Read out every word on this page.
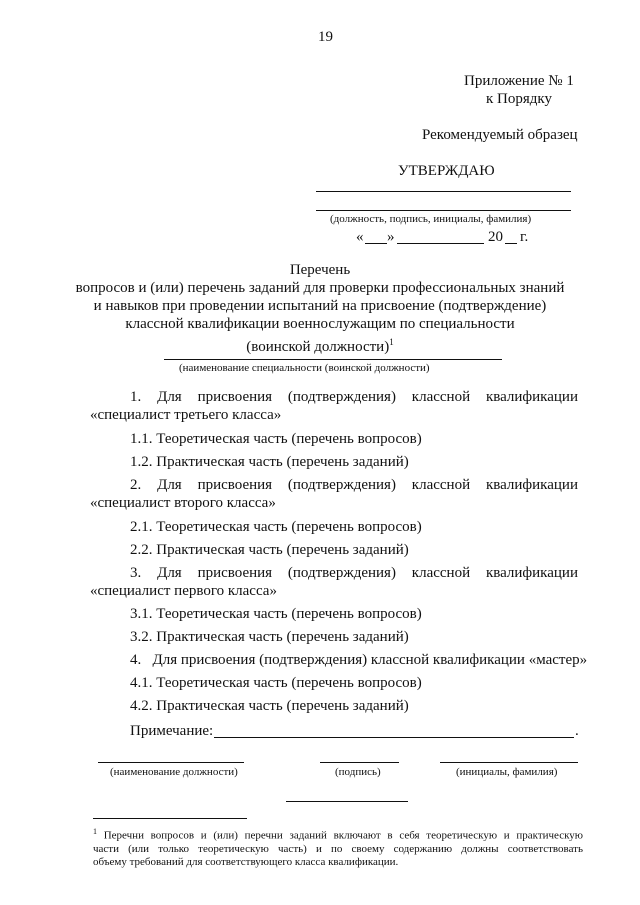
19
Приложение № 1
к Порядку
Рекомендуемый образец
УТВЕРЖДАЮ
(должность, подпись, инициалы, фамилия)
« »	20 г.
Перечень
вопросов и (или) перечень заданий для проверки профессиональных знаний
и навыков при проведении испытаний на присвоение (подтверждение)
классной квалификации военнослужащим по специальности
(воинской должности)$^1$
(наименование специальности (воинской должности)
1. Для присвоения (подтверждения) классной квалификации
«специалист третьего класса»
1.1. Теоретическая часть (перечень вопросов)
1.2. Практическая часть (перечень заданий)
2. Для присвоения (подтверждения) классной квалификации
«специалист второго класса»
2.1. Теоретическая часть (перечень вопросов)
2.2. Практическая часть (перечень заданий)
3. Для присвоения (подтверждения) классной квалификации
«специалист первого класса»
3.1. Теоретическая часть (перечень вопросов)
3.2. Практическая часть (перечень заданий)
4.   Для присвоения (подтверждения) классной квалификации «мастер»
4.1. Теоретическая часть (перечень вопросов)
4.2. Практическая часть (перечень заданий)
Примечание:	.
(наименование должности)	(подпись)	(инициалы, фамилия)
$^1$ Перечни вопросов и (или) перечни заданий включают в себя теоретическую и практическую
части (или только теоретическую часть) и по своему содержанию должны соответствовать
объему требований для соответствующего класса квалификации.
